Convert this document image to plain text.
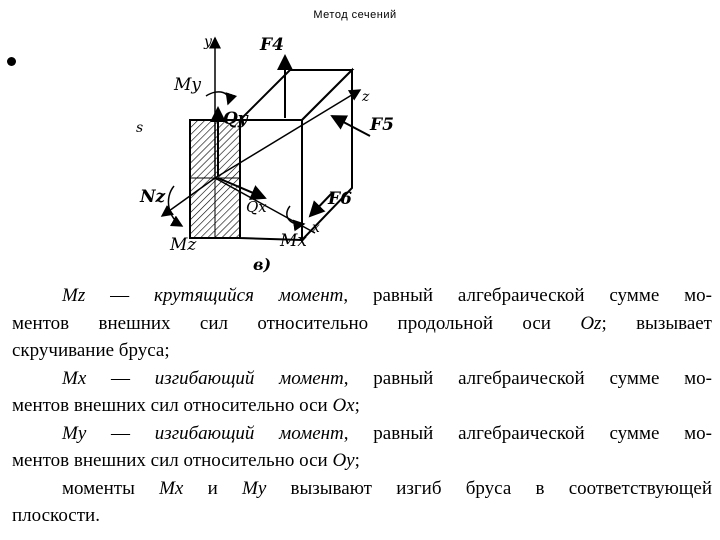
Метод сечений
y	F4
My
z
Qy	F5
s
Nz	Qx	F6
Mz	Mx
x
в)
Mz — крутящийся момент, равный алгебраической сумме мо-
ментов внешних сил относительно продольной оси Oz; вызывает
скручивание бруса;
Mx — изгибающий момент, равный алгебраической сумме мо-
ментов внешних сил относительно оси Ox;
My — изгибающий момент, равный алгебраической сумме мо-
ментов внешних сил относительно оси Oy;
моменты Mx и My вызывают изгиб бруса в соответствующей
плоскости.
